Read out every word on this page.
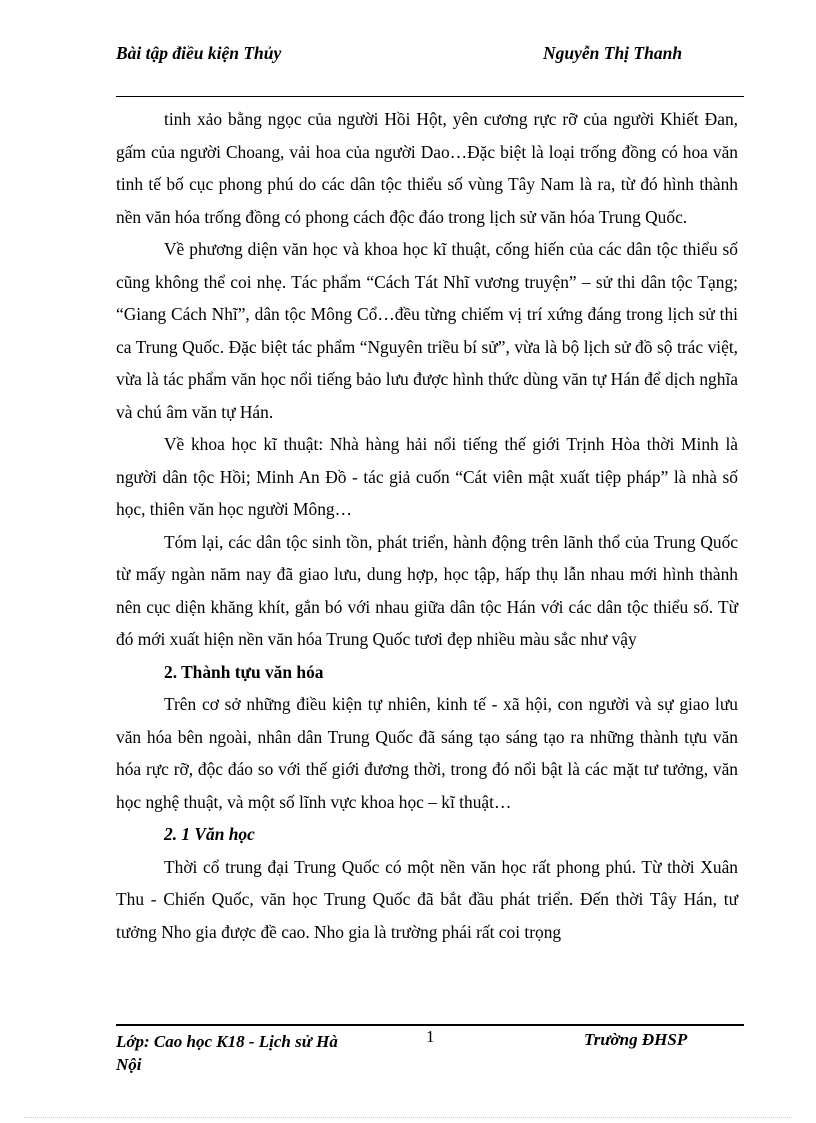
Bài tập điều kiện Thủy	Nguyễn Thị Thanh

tinh xảo bằng ngọc của người Hồi Hột, yên cương rực rỡ của người Khiết Đan, gấm của người Choang, vải hoa của người Dao…Đặc biệt là loại trống đồng có hoa văn tinh tế bố cục phong phú do các dân tộc thiểu số vùng Tây Nam là ra, từ đó hình thành nền văn hóa trống đồng có phong cách độc đáo trong lịch sử văn hóa Trung Quốc.

Về phương diện văn học và khoa học kĩ thuật, cống hiến của các dân tộc thiểu số cũng không thể coi nhẹ. Tác phẩm “Cách Tát Nhĩ vương truyện” – sử thi dân tộc Tạng; “Giang Cách Nhĩ”, dân tộc Mông Cổ…đều từng chiếm vị trí xứng đáng trong lịch sử thi ca Trung Quốc. Đặc biệt tác phẩm “Nguyên triều bí sử”, vừa là bộ lịch sử đồ sộ trác việt, vừa là tác phẩm văn học nổi tiếng bảo lưu được hình thức dùng văn tự Hán để dịch nghĩa và chú âm văn tự Hán.

Về khoa học kĩ thuật: Nhà hàng hải nổi tiếng thế giới Trịnh Hòa thời Minh là người dân tộc Hồi; Minh An Đồ - tác giả cuốn “Cát viên mật xuất tiệp pháp” là nhà số học, thiên văn học người Mông…

Tóm lại, các dân tộc sinh tồn, phát triển, hành động trên lãnh thổ của Trung Quốc từ mấy ngàn năm nay đã giao lưu, dung hợp, học tập, hấp thụ lẫn nhau mới hình thành nên cục diện khăng khít, gắn bó với nhau giữa dân tộc Hán với các dân tộc thiểu số. Từ đó mới xuất hiện nền văn hóa Trung Quốc tươi đẹp nhiều màu sắc như vậy

2. Thành tựu văn hóa

Trên cơ sở những điều kiện tự nhiên, kinh tế - xã hội, con người và sự giao lưu văn hóa bên ngoài, nhân dân Trung Quốc đã sáng tạo sáng tạo ra những thành tựu văn hóa rực rỡ, độc đáo so với thế giới đương thời, trong đó nổi bật là các mặt tư tưởng, văn học nghệ thuật, và một số lĩnh vực khoa học – kĩ thuật…

2. 1 Văn học

Thời cổ trung đại Trung Quốc có một nền văn học rất phong phú. Từ thời Xuân Thu - Chiến Quốc, văn học Trung Quốc đã bắt đầu phát triển. Đến thời Tây Hán, tư tưởng Nho gia được đề cao. Nho gia là trường phái rất coi trọng

Lớp: Cao học K18 - Lịch sử Hà Nội
1	Trường ĐHSP
